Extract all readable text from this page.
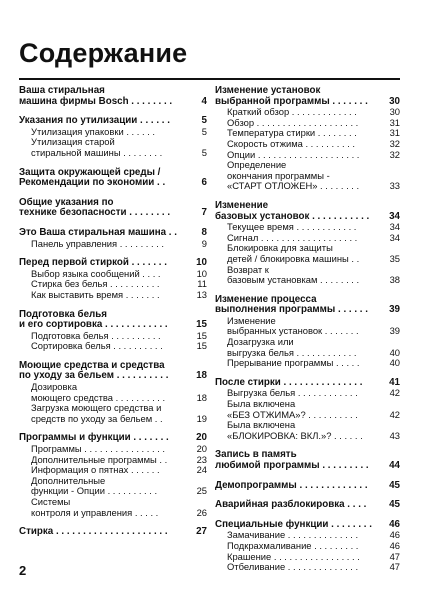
Содержание
Ваша стиральная
машина фирмы Bosch . . . . . . . .	4
Указания по утилизации . . . . . .	5
Утилизация упаковки . . . . . .	5
Утилизация старой
стиральной машины . . . . . . . .	5
Защита окружающей среды /
Рекомендации по экономии . .	6
Общие указания по
технике безопасности . . . . . . . .	7
Это Ваша стиральная машина . .	8
Панель управления . . . . . . . . .	9
Перед первой стиркой . . . . . . .	10
Выбор языка сообщений . . . .	10
Стирка без белья . . . . . . . . . .	11
Как выставить время . . . . . . .	13
Подготовка белья
и его сортировка . . . . . . . . . . . .	15
Подготовка белья . . . . . . . . . .	15
Сортировка белья . . . . . . . . . .	15
Моющие средства и средства
по уходу за бельем . . . . . . . . . .	18
Дозировка
моющего средства . . . . . . . . . .	18
Загрузка моющего средства и
средств по уходу за бельем . .	19
Программы и функции . . . . . . .	20
Программы . . . . . . . . . . . . . . . .	20
Дополнительные программы . .	23
Информация о пятнах . . . . . .	24
Дополнительные
функции - Опции . . . . . . . . . .	25
Системы
контроля и управления . . . . .	26
Стирка . . . . . . . . . . . . . . . . . . . . .	27
Изменение установок
выбранной программы . . . . . . .	30
Краткий обзор . . . . . . . . . . . . .	30
Обзор . . . . . . . . . . . . . . . . . . . .	31
Температура стирки . . . . . . . .	31
Скорость отжима . . . . . . . . . .	32
Опции . . . . . . . . . . . . . . . . . . . .	32
Определение
окончания программы -
«СТАРТ ОТЛОЖЕН» . . . . . . . .	33
Изменение
базовых установок . . . . . . . . . . .	34
Текущее время . . . . . . . . . . . .	34
Сигнал . . . . . . . . . . . . . . . . . . .	34
Блокировка для защиты
детей / блокировка машины . .	35
Возврат к
базовым установкам . . . . . . . .	38
Изменение процесса
выполнения программы . . . . . .	39
Изменение
выбранных установок . . . . . . .	39
Дозагрузка или
выгрузка белья . . . . . . . . . . . .	40
Прерывание программы . . . . .	40
После стирки . . . . . . . . . . . . . . .	41
Выгрузка белья . . . . . . . . . . . .	42
Была включена
«БЕЗ ОТЖИМА»? . . . . . . . . . .	42
Была включена
«БЛОКИРОВКА: ВКЛ.»? . . . . . .	43
Запись в память
любимой программы . . . . . . . . .	44
Демопрограммы . . . . . . . . . . . . .	45
Аварийная разблокировка . . . .	45
Специальные функции . . . . . . . .	46
Замачивание . . . . . . . . . . . . . .	46
Подкрахмаливание . . . . . . . . .	46
Крашение . . . . . . . . . . . . . . . . .	47
Отбеливание . . . . . . . . . . . . . .	47
2
